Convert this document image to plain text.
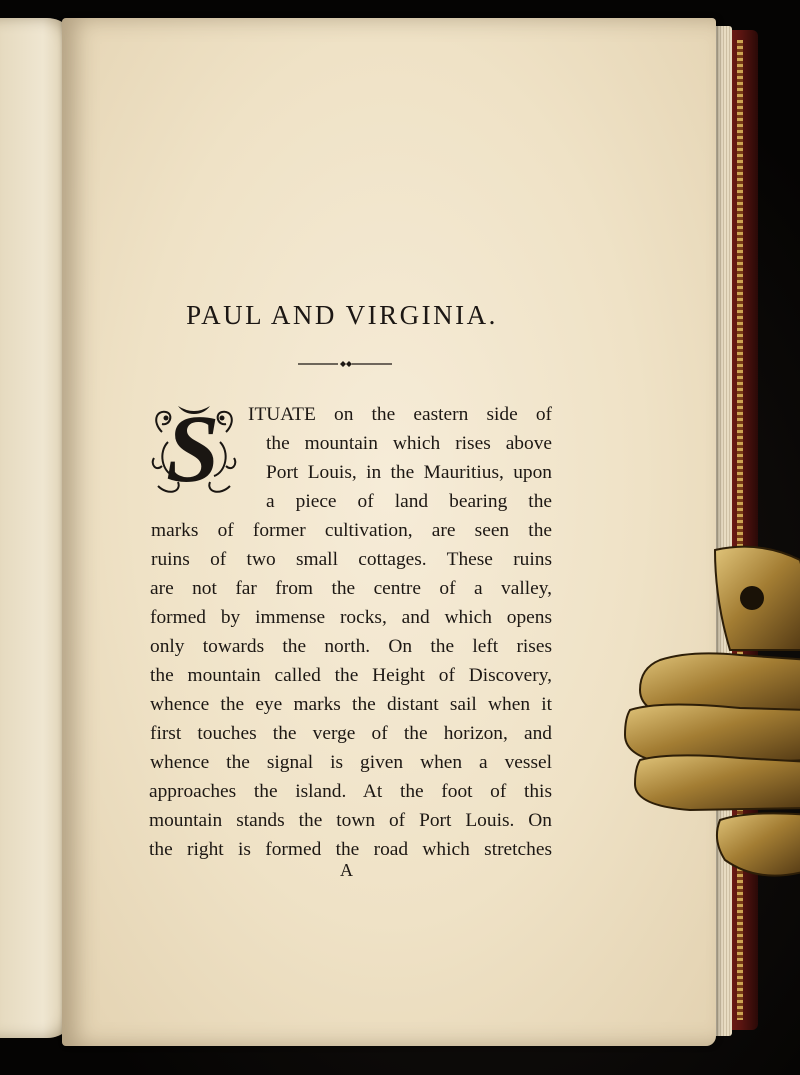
PAUL AND VIRGINIA.
S ITUATE on the eastern side of
the mountain which rises above
Port Louis, in the Mauritius, upon
a piece of land bearing the
marks of former cultivation, are seen the
ruins of two small cottages. These ruins
are not far from the centre of a valley,
formed by immense rocks, and which opens
only towards the north. On the left rises
the mountain called the Height of Discovery,
whence the eye marks the distant sail when it
first touches the verge of the horizon, and
whence the signal is given when a vessel
approaches the island. At the foot of this
mountain stands the town of Port Louis. On
the right is formed the road which stretches
A
